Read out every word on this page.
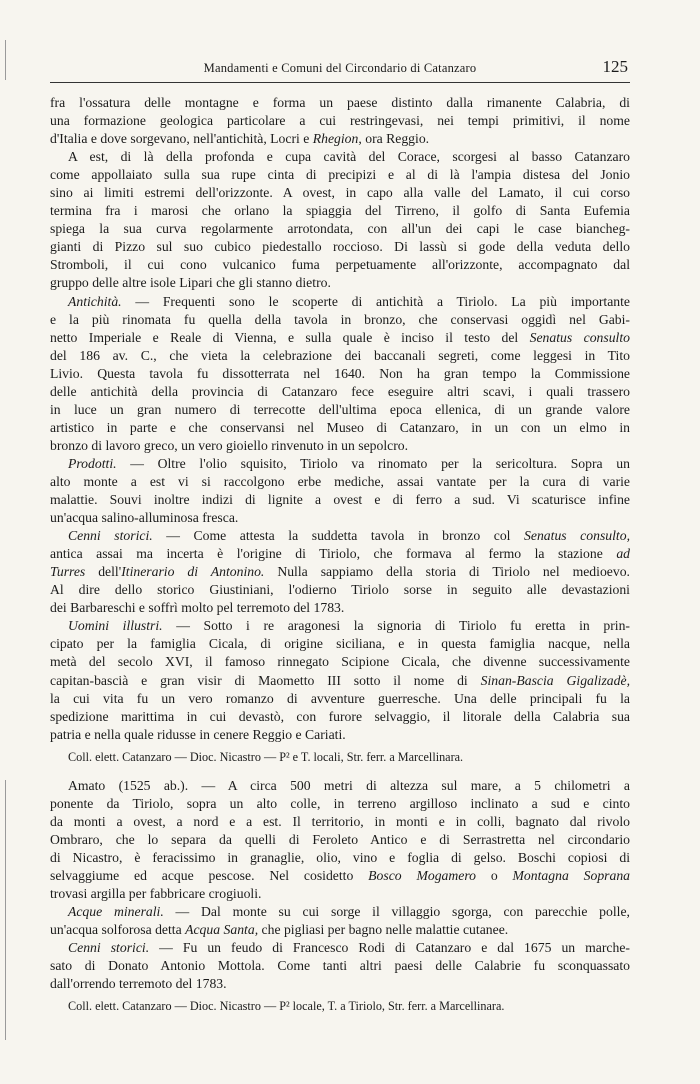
Mandamenti e Comuni del Circondario di Catanzaro	125

fra l'ossatura delle montagne e forma un paese distinto dalla rimanente Calabria, di
una formazione geologica particolare a cui restringevasi, nei tempi primitivi, il nome
d'Italia e dove sorgevano, nell'antichità, Locri e Rhegion, ora Reggio.

A est, di là della profonda e cupa cavità del Corace, scorgesi al basso Catanzaro
come appollaiato sulla sua rupe cinta di precipizi e al di là l'ampia distesa del Jonio
sino ai limiti estremi dell'orizzonte. A ovest, in capo alla valle del Lamato, il cui corso
termina fra i marosi che orlano la spiaggia del Tirreno, il golfo di Santa Eufemia
spiega la sua curva regolarmente arrotondata, con all'un dei capi le case biancheg-
gianti di Pizzo sul suo cubico piedestallo roccioso. Di lassù si gode della veduta dello
Stromboli, il cui cono vulcanico fuma perpetuamente all'orizzonte, accompagnato dal
gruppo delle altre isole Lipari che gli stanno dietro.

Antichità. — Frequenti sono le scoperte di antichità a Tiriolo. La più importante
e la più rinomata fu quella della tavola in bronzo, che conservasi oggidì nel Gabi-
netto Imperiale e Reale di Vienna, e sulla quale è inciso il testo del Senatus consulto
del 186 av. C., che vieta la celebrazione dei baccanali segreti, come leggesi in Tito
Livio. Questa tavola fu dissotterrata nel 1640. Non ha gran tempo la Commissione
delle antichità della provincia di Catanzaro fece eseguire altri scavi, i quali trassero
in luce un gran numero di terrecotte dell'ultima epoca ellenica, di un grande valore
artistico in parte e che conservansi nel Museo di Catanzaro, in un con un elmo in
bronzo di lavoro greco, un vero gioiello rinvenuto in un sepolcro.

Prodotti. — Oltre l'olio squisito, Tiriolo va rinomato per la sericoltura. Sopra un
alto monte a est vi si raccolgono erbe mediche, assai vantate per la cura di varie
malattie. Souvi inoltre indizi di lignite a ovest e di ferro a sud. Vi scaturisce infine
un'acqua salino-alluminosa fresca.

Cenni storici. — Come attesta la suddetta tavola in bronzo col Senatus consulto,
antica assai ma incerta è l'origine di Tiriolo, che formava al fermo la stazione ad
Turres dell'Itinerario di Antonino. Nulla sappiamo della storia di Tiriolo nel medioevo.
Al dire dello storico Giustiniani, l'odierno Tiriolo sorse in seguito alle devastazioni
dei Barbareschi e soffrì molto pel terremoto del 1783.

Uomini illustri. — Sotto i re aragonesi la signoria di Tiriolo fu eretta in prin-
cipato per la famiglia Cicala, di origine siciliana, e in questa famiglia nacque, nella
metà del secolo XVI, il famoso rinnegato Scipione Cicala, che divenne successivamente
capitan-bascià e gran visir di Maometto III sotto il nome di Sinan-Bascia Gigalizadè,
la cui vita fu un vero romanzo di avventure guerresche. Una delle principali fu la
spedizione marittima in cui devastò, con furore selvaggio, il litorale della Calabria sua
patria e nella quale ridusse in cenere Reggio e Cariati.

Coll. elett. Catanzaro — Dioc. Nicastro — P² e T. locali, Str. ferr. a Marcellinara.

Amato (1525 ab.). — A circa 500 metri di altezza sul mare, a 5 chilometri a
ponente da Tiriolo, sopra un alto colle, in terreno argilloso inclinato a sud e cinto
da monti a ovest, a nord e a est. Il territorio, in monti e in colli, bagnato dal rivolo
Ombraro, che lo separa da quelli di Feroleto Antico e di Serrastretta nel circondario
di Nicastro, è feracissimo in granaglie, olio, vino e foglia di gelso. Boschi copiosi di
selvaggiume ed acque pescose. Nel cosidetto Bosco Mogamero o Montagna Soprana
trovasi argilla per fabbricare crogiuoli.

Acque minerali. — Dal monte su cui sorge il villaggio sgorga, con parecchie polle,
un'acqua solforosa detta Acqua Santa, che pigliasi per bagno nelle malattie cutanee.

Cenni storici. — Fu un feudo di Francesco Rodi di Catanzaro e dal 1675 un marche-
sato di Donato Antonio Mottola. Come tanti altri paesi delle Calabrie fu sconquassato
dall'orrendo terremoto del 1783.

Coll. elett. Catanzaro — Dioc. Nicastro — P² locale, T. a Tiriolo, Str. ferr. a Marcellinara.
